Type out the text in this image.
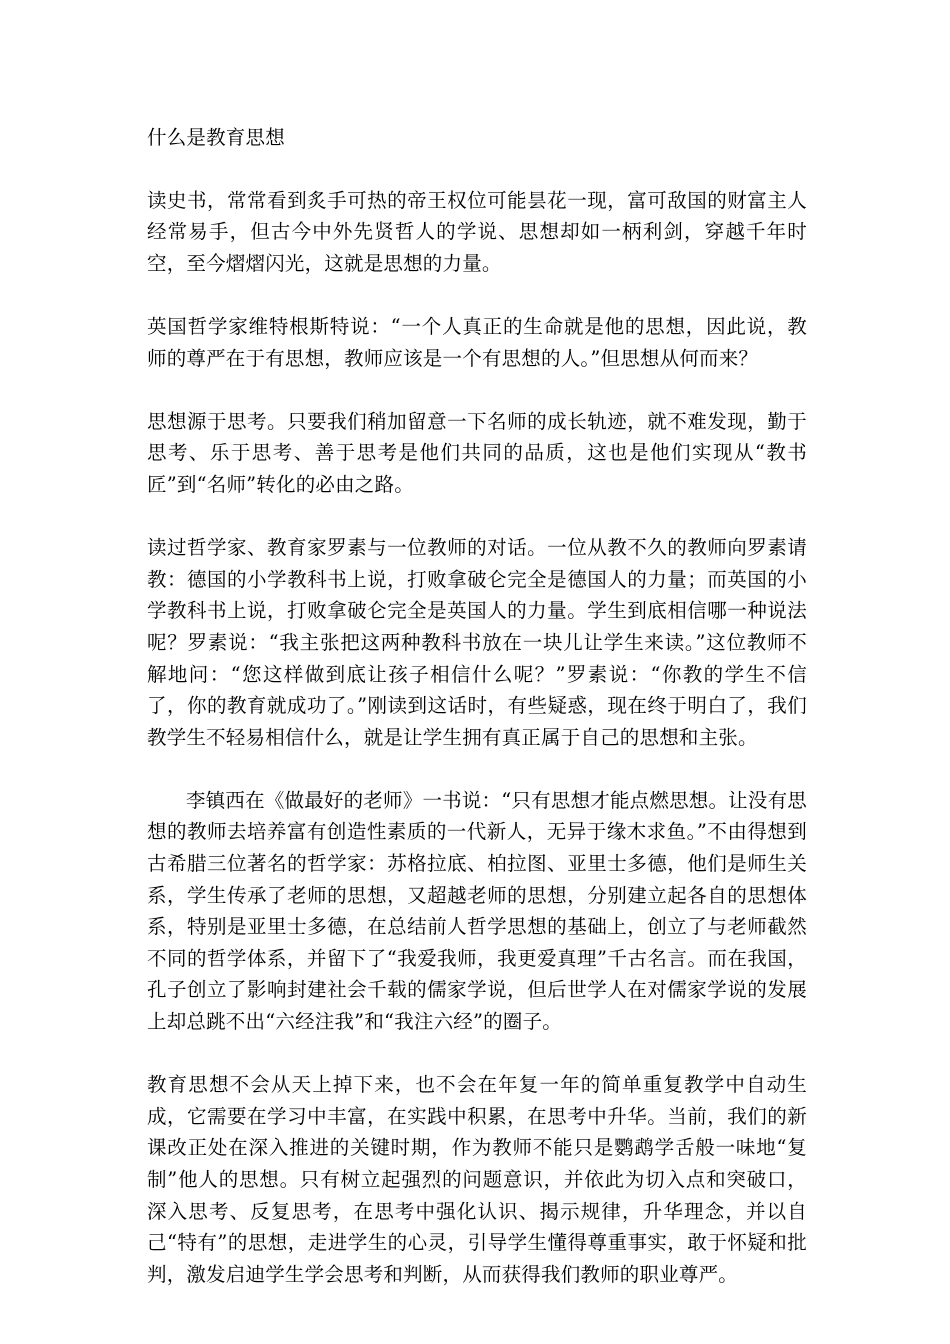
什么是教育思想

读史书，常常看到炙手可热的帝王权位可能昙花一现，富可敌国的财富主人经常易手，但古今中外先贤哲人的学说、思想却如一柄利剑，穿越千年时空，至今熠熠闪光，这就是思想的力量。

英国哲学家维特根斯特说：“一个人真正的生命就是他的思想，因此说，教师的尊严在于有思想，教师应该是一个有思想的人。”但思想从何而来？

思想源于思考。只要我们稍加留意一下名师的成长轨迹，就不难发现，勤于思考、乐于思考、善于思考是他们共同的品质，这也是他们实现从“教书匠”到“名师”转化的必由之路。

读过哲学家、教育家罗素与一位教师的对话。一位从教不久的教师向罗素请教：德国的小学教科书上说，打败拿破仑完全是德国人的力量；而英国的小学教科书上说，打败拿破仑完全是英国人的力量。学生到底相信哪一种说法呢？罗素说：“我主张把这两种教科书放在一块儿让学生来读。”这位教师不解地问：“您这样做到底让孩子相信什么呢？”罗素说：“你教的学生不信了，你的教育就成功了。”刚读到这话时，有些疑惑，现在终于明白了，我们教学生不轻易相信什么，就是让学生拥有真正属于自己的思想和主张。

李镇西在《做最好的老师》一书说：“只有思想才能点燃思想。让没有思想的教师去培养富有创造性素质的一代新人，无异于缘木求鱼。”不由得想到古希腊三位著名的哲学家：苏格拉底、柏拉图、亚里士多德，他们是师生关系，学生传承了老师的思想，又超越老师的思想，分别建立起各自的思想体系，特别是亚里士多德，在总结前人哲学思想的基础上，创立了与老师截然不同的哲学体系，并留下了“我爱我师，我更爱真理”千古名言。而在我国，孔子创立了影响封建社会千载的儒家学说，但后世学人在对儒家学说的发展上却总跳不出“六经注我”和“我注六经”的圈子。

教育思想不会从天上掉下来，也不会在年复一年的简单重复教学中自动生成，它需要在学习中丰富，在实践中积累，在思考中升华。当前，我们的新课改正处在深入推进的关键时期，作为教师不能只是鹦鹉学舌般一味地“复制”他人的思想。只有树立起强烈的问题意识，并依此为切入点和突破口，深入思考、反复思考，在思考中强化认识、揭示规律，升华理念，并以自己“特有”的思想，走进学生的心灵，引导学生懂得尊重事实，敢于怀疑和批判，激发启迪学生学会思考和判断，从而获得我们教师的职业尊严。
